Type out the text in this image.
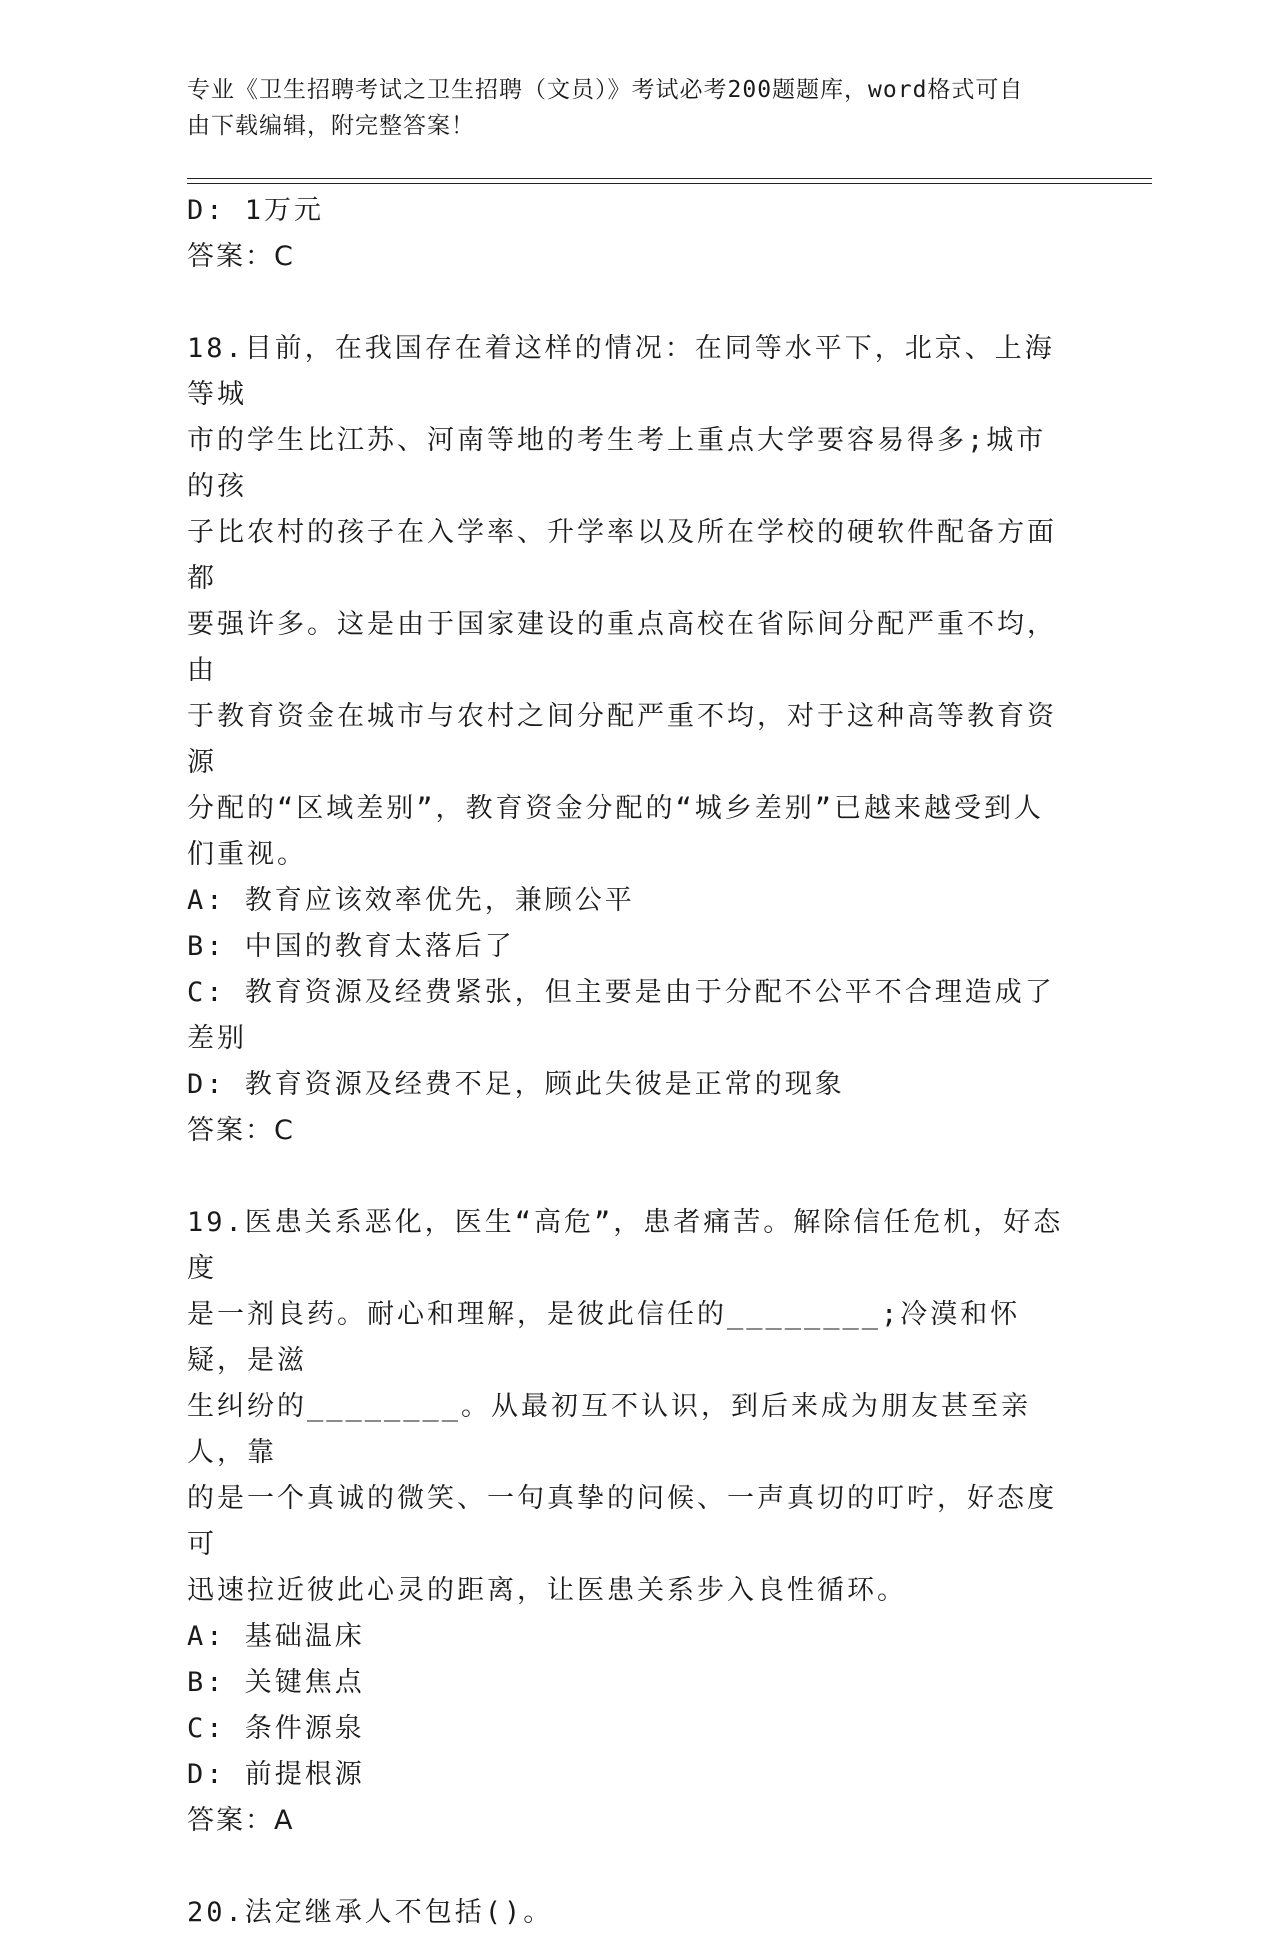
专业《卫生招聘考试之卫生招聘（文员）》考试必考200题题库，word格式可自
由下载编辑，附完整答案！

D: 1万元

答案：C

18.目前，在我国存在着这样的情况：在同等水平下，北京、上海等城

市的学生比江苏、河南等地的考生考上重点大学要容易得多;城市的孩

子比农村的孩子在入学率、升学率以及所在学校的硬软件配备方面都

要强许多。这是由于国家建设的重点高校在省际间分配严重不均，由

于教育资金在城市与农村之间分配严重不均，对于这种高等教育资源

分配的“区域差别”，教育资金分配的“城乡差别”已越来越受到人

们重视。

A: 教育应该效率优先，兼顾公平

B: 中国的教育太落后了

C: 教育资源及经费紧张，但主要是由于分配不公平不合理造成了差别

D: 教育资源及经费不足，顾此失彼是正常的现象

答案：C

19.医患关系恶化，医生“高危”，患者痛苦。解除信任危机，好态度

是一剂良药。耐心和理解，是彼此信任的________;冷漠和怀疑，是滋

生纠纷的________。从最初互不认识，到后来成为朋友甚至亲人，靠

的是一个真诚的微笑、一句真挚的问候、一声真切的叮咛，好态度可

迅速拉近彼此心灵的距离，让医患关系步入良性循环。

A: 基础温床

B: 关键焦点

C: 条件源泉

D: 前提根源

答案：A

20.法定继承人不包括()。
